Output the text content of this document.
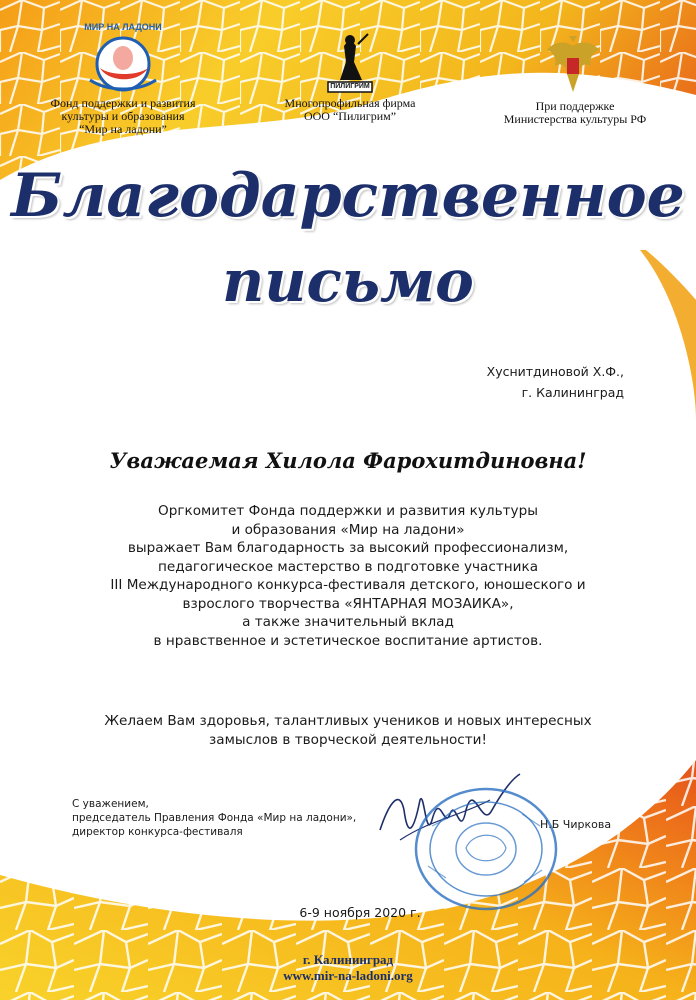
МИР НА ЛАДОНИ
Фонд поддержки и развития
культуры и образования
“Мир на ладони”
ПИЛИГРИМ
Многопрофильная фирма
ООО “Пилигрим”
При поддержке
Министерства культуры РФ
Благодарственное
письмо
Хуснитдиновой Х.Ф.,
г. Калининград
Уважаемая Хилола Фарохитдиновна!
Оргкомитет Фонда поддержки и развития культуры
и образования «Мир на ладони»
выражает Вам благодарность за высокий профессионализм,
педагогическое мастерство в подготовке участника
III Международного конкурса-фестиваля детского, юношеского и
взрослого творчества «ЯНТАРНАЯ МОЗАИКА»,
а также значительный вклад
в нравственное и эстетическое воспитание артистов.
Желаем Вам здоровья, талантливых учеников и новых интересных
замыслов в творческой деятельности!
С уважением,
председатель Правления Фонда «Мир на ладони»,
директор конкурса-фестиваля
Н.Б Чиркова
6-9 ноября 2020 г.
г. Калининград
www.mir-na-ladoni.org
